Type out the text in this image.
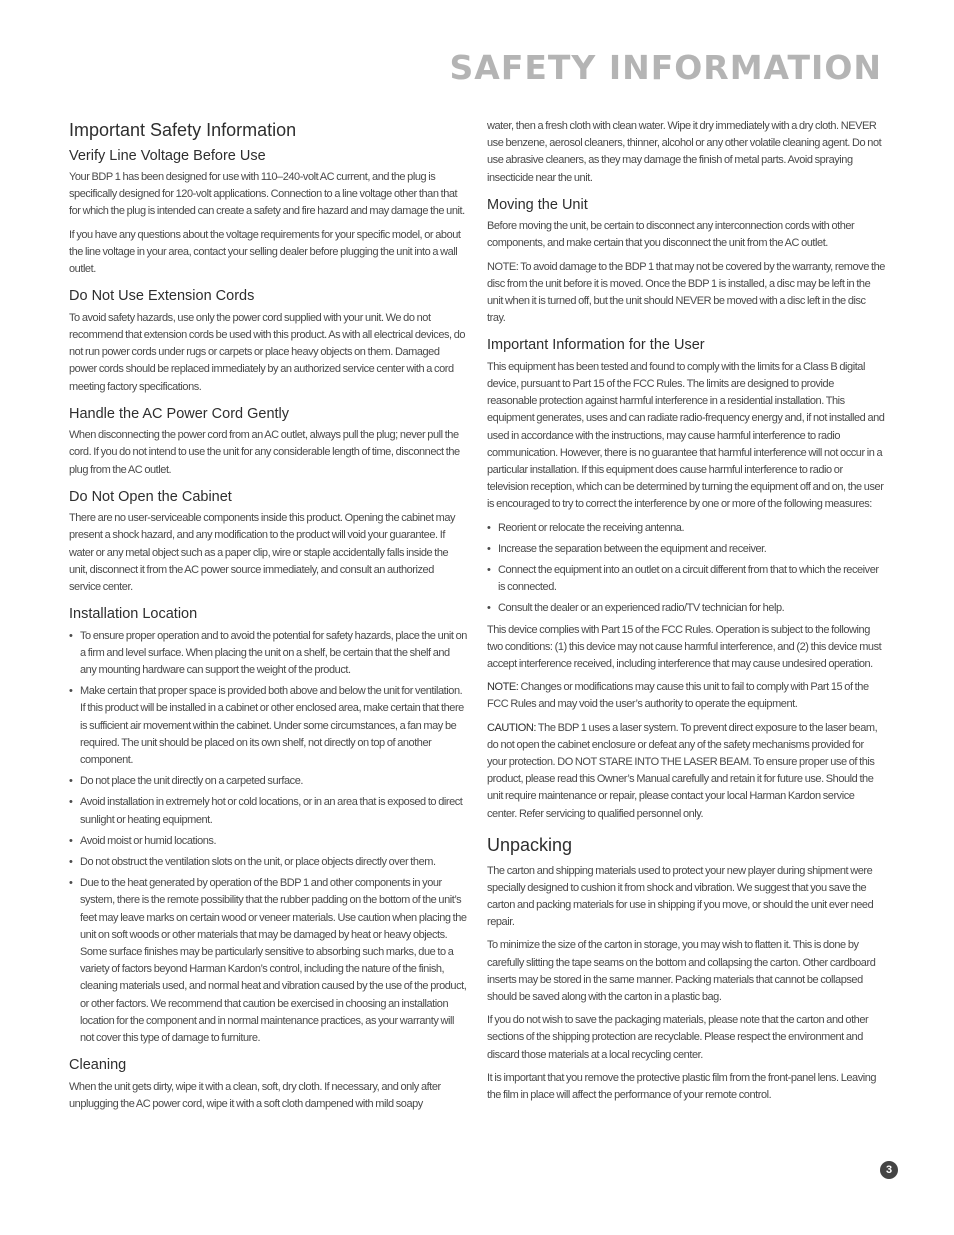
SAFETY INFORMATION
Important Safety Information
Verify Line Voltage Before Use

Your BDP 1 has been designed for use with 110–240-volt AC current, and the plug is specifically designed for 120-volt applications. Connection to a line voltage other than that for which the plug is intended can create a safety and fire hazard and may damage the unit.

If you have any questions about the voltage requirements for your specific model, or about the line voltage in your area, contact your selling dealer before plugging the unit into a wall outlet.

Do Not Use Extension Cords

To avoid safety hazards, use only the power cord supplied with your unit. We do not recommend that extension cords be used with this product. As with all electrical devices, do not run power cords under rugs or carpets or place heavy objects on them. Damaged power cords should be replaced immediately by an authorized service center with a cord meeting factory specifications.

Handle the AC Power Cord Gently

When disconnecting the power cord from an AC outlet, always pull the plug; never pull the cord. If you do not intend to use the unit for any considerable length of time, disconnect the plug from the AC outlet.

Do Not Open the Cabinet

There are no user-serviceable components inside this product. Opening the cabinet may present a shock hazard, and any modification to the product will void your guarantee. If water or any metal object such as a paper clip, wire or staple accidentally falls inside the unit, disconnect it from the AC power source immediately, and consult an authorized service center.

Installation Location
• To ensure proper operation and to avoid the potential for safety hazards, place the unit on a firm and level surface. When placing the unit on a shelf, be certain that the shelf and any mounting hardware can support the weight of the product.
• Make certain that proper space is provided both above and below the unit for ventilation. If this product will be installed in a cabinet or other enclosed area, make certain that there is sufficient air movement within the cabinet. Under some circumstances, a fan may be required. The unit should be placed on its own shelf, not directly on top of another component.
• Do not place the unit directly on a carpeted surface.
• Avoid installation in extremely hot or cold locations, or in an area that is exposed to direct sunlight or heating equipment.
• Avoid moist or humid locations.
• Do not obstruct the ventilation slots on the unit, or place objects directly over them.
• Due to the heat generated by operation of the BDP 1 and other components in your system, there is the remote possibility that the rubber padding on the bottom of the unit’s feet may leave marks on certain wood or veneer materials. Use caution when placing the unit on soft woods or other materials that may be damaged by heat or heavy objects. Some surface finishes may be particularly sensitive to absorbing such marks, due to a variety of factors beyond Harman Kardon’s control, including the nature of the finish, cleaning materials used, and normal heat and vibration caused by the use of the product, or other factors. We recommend that caution be exercised in choosing an installation location for the component and in normal maintenance practices, as your warranty will not cover this type of damage to furniture.
Cleaning

When the unit gets dirty, wipe it with a clean, soft, dry cloth. If necessary, and only after unplugging the AC power cord, wipe it with a soft cloth dampened with mild soapy

water, then a fresh cloth with clean water. Wipe it dry immediately with a dry cloth. NEVER use benzene, aerosol cleaners, thinner, alcohol or any other volatile cleaning agent. Do not use abrasive cleaners, as they may damage the finish of metal parts. Avoid spraying insecticide near the unit.

Moving the Unit

Before moving the unit, be certain to disconnect any interconnection cords with other components, and make certain that you disconnect the unit from the AC outlet.

NOTE: To avoid damage to the BDP 1 that may not be covered by the warranty, remove the disc from the unit before it is moved. Once the BDP 1 is installed, a disc may be left in the unit when it is turned off, but the unit should NEVER be moved with a disc left in the disc tray.

Important Information for the User

This equipment has been tested and found to comply with the limits for a Class B digital device, pursuant to Part 15 of the FCC Rules. The limits are designed to provide reasonable protection against harmful interference in a residential installation. This equipment generates, uses and can radiate radio-frequency energy and, if not installed and used in accordance with the instructions, may cause harmful interference to radio communication. However, there is no guarantee that harmful interference will not occur in a particular installation. If this equipment does cause harmful interference to radio or television reception, which can be determined by turning the equipment off and on, the user is encouraged to try to correct the interference by one or more of the following measures:

• Reorient or relocate the receiving antenna.
• Increase the separation between the equipment and receiver.
• Connect the equipment into an outlet on a circuit different from that to which the receiver is connected.
• Consult the dealer or an experienced radio/TV technician for help.

This device complies with Part 15 of the FCC Rules. Operation is subject to the following two conditions: (1) this device may not cause harmful interference, and (2) this device must accept interference received, including interference that may cause undesired operation.

NOTE: Changes or modifications may cause this unit to fail to comply with Part 15 of the FCC Rules and may void the user’s authority to operate the equipment.

CAUTION: The BDP 1 uses a laser system. To prevent direct exposure to the laser beam, do not open the cabinet enclosure or defeat any of the safety mechanisms provided for your protection. DO NOT STARE INTO THE LASER BEAM. To ensure proper use of this product, please read this Owner’s Manual carefully and retain it for future use. Should the unit require maintenance or repair, please contact your local Harman Kardon service center. Refer servicing to qualified personnel only.

Unpacking

The carton and shipping materials used to protect your new player during shipment were specially designed to cushion it from shock and vibration. We suggest that you save the carton and packing materials for use in shipping if you move, or should the unit ever need repair.

To minimize the size of the carton in storage, you may wish to flatten it. This is done by carefully slitting the tape seams on the bottom and collapsing the carton. Other cardboard inserts may be stored in the same manner. Packing materials that cannot be collapsed should be saved along with the carton in a plastic bag.

If you do not wish to save the packaging materials, please note that the carton and other sections of the shipping protection are recyclable. Please respect the environment and discard those materials at a local recycling center.

It is important that you remove the protective plastic film from the front-panel lens. Leaving the film in place will affect the performance of your remote control.

3
